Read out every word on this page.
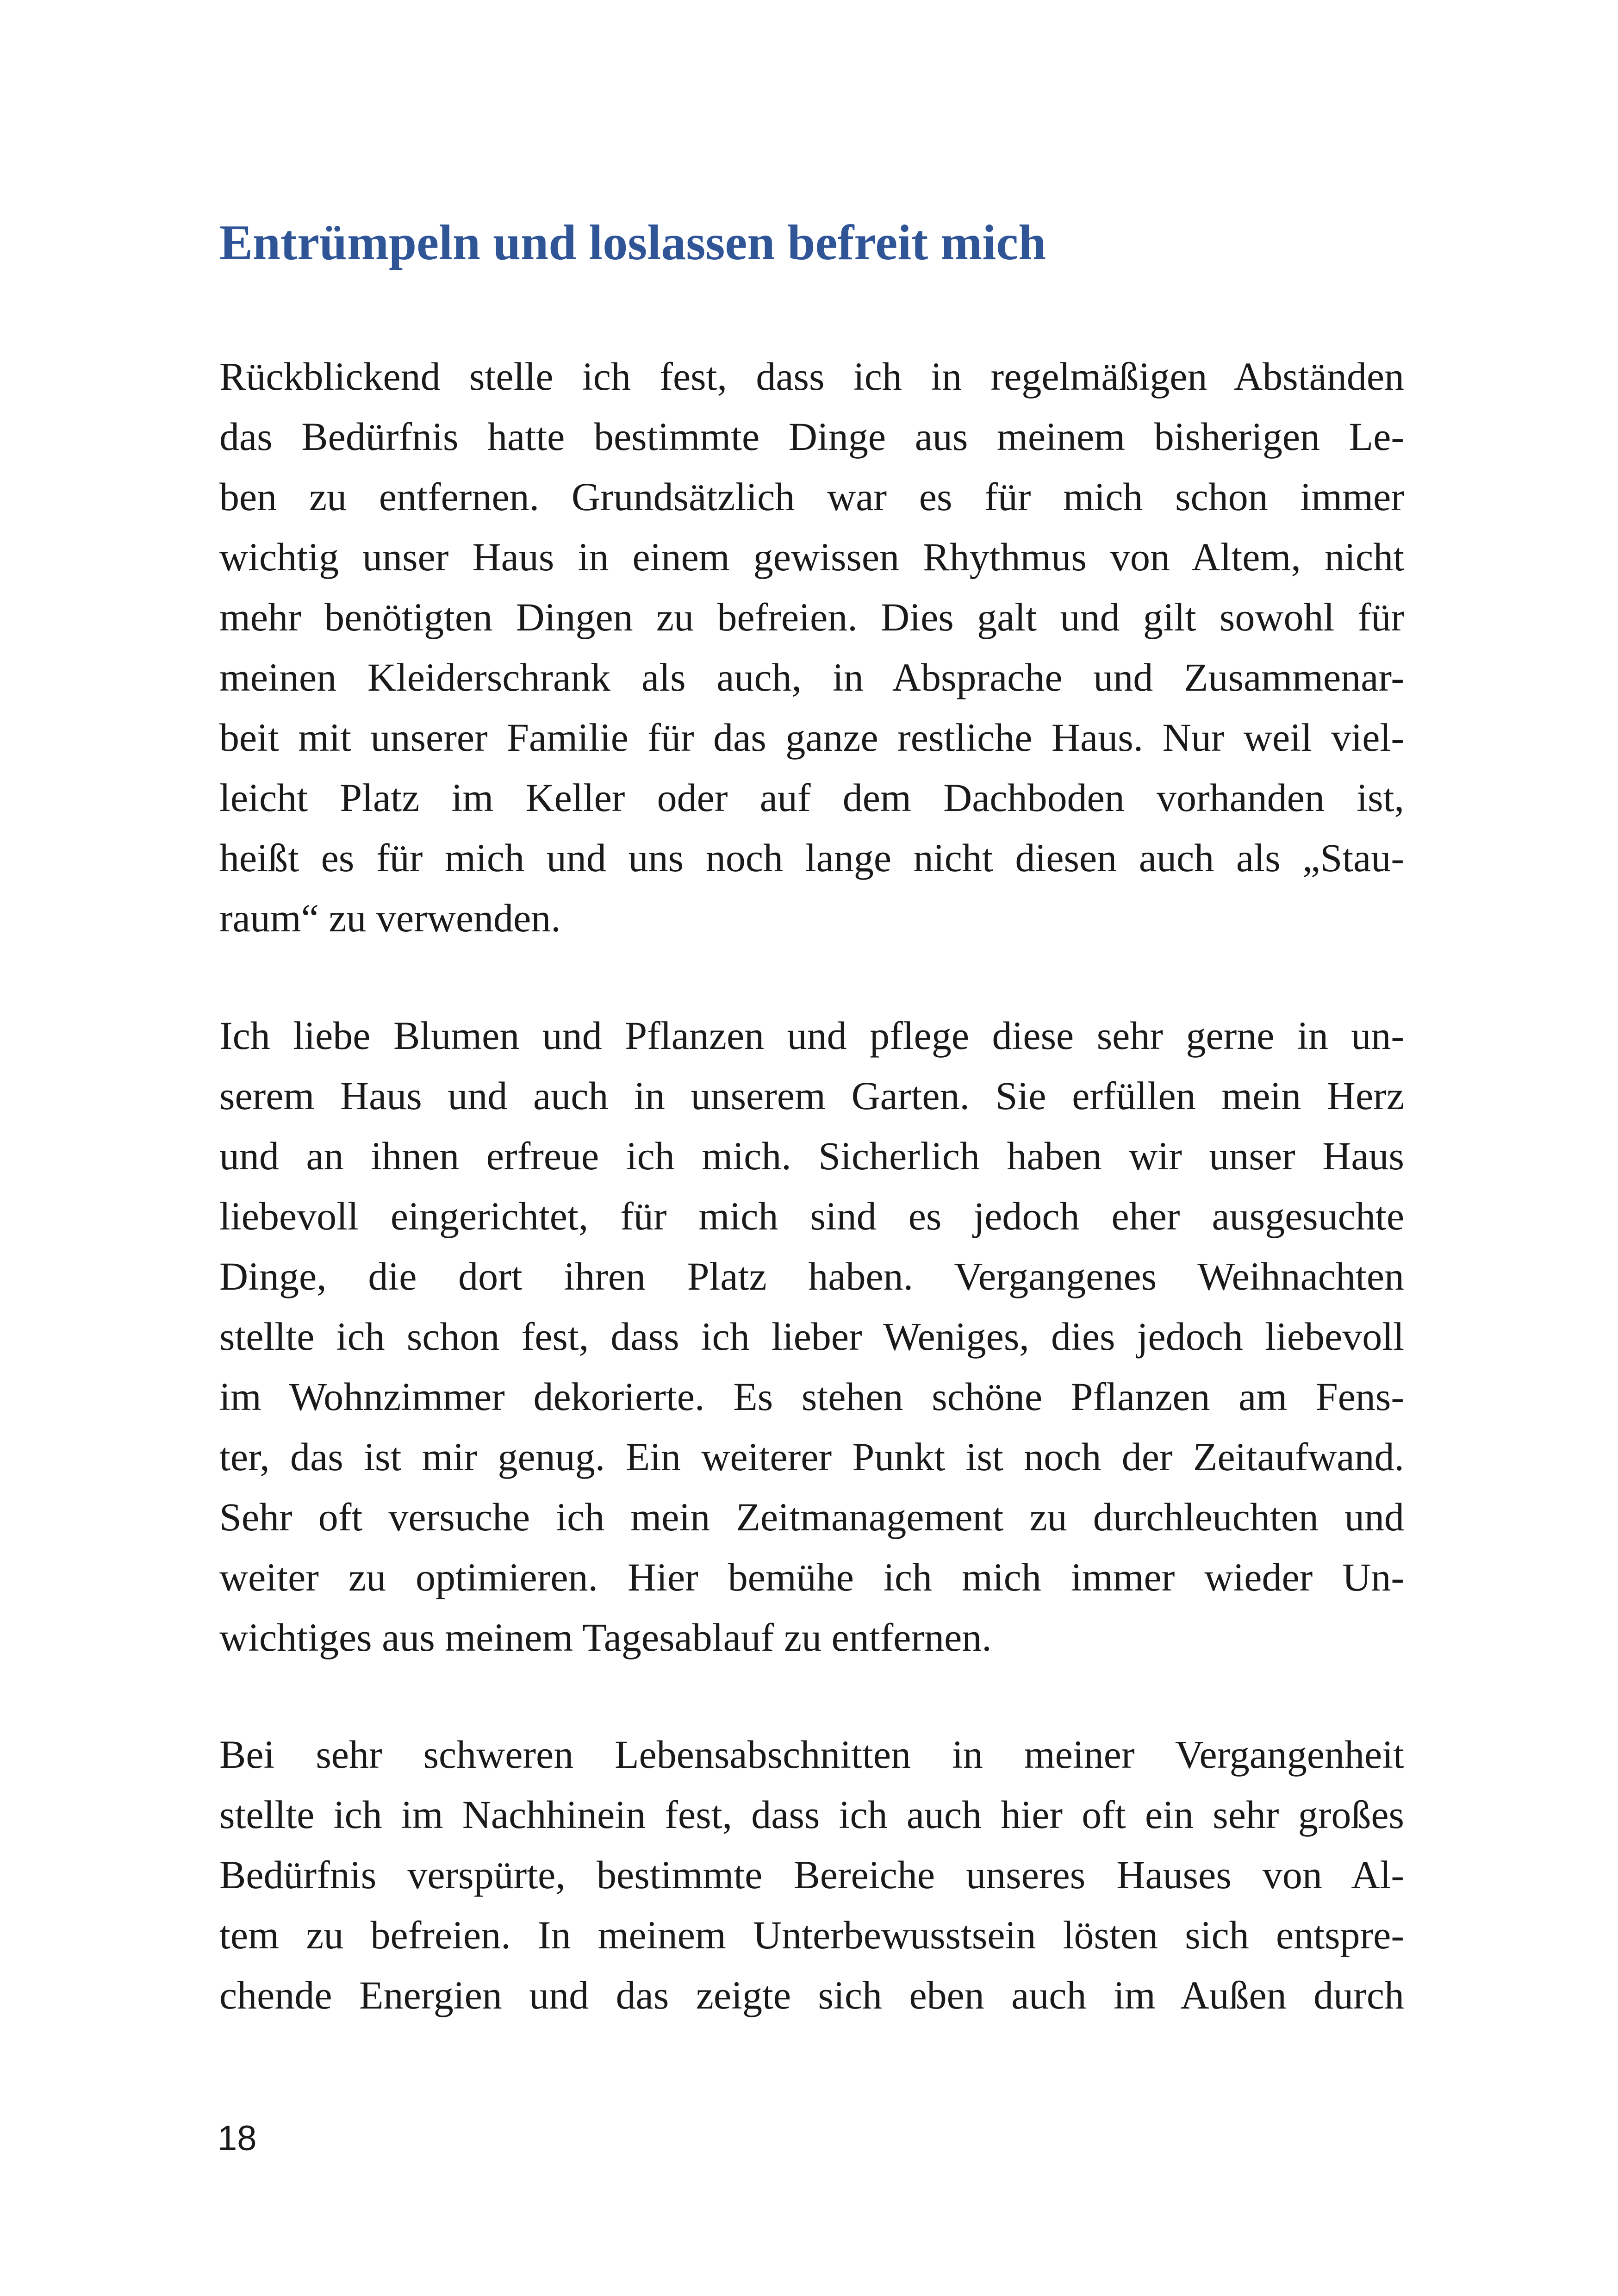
Entrümpeln und loslassen befreit mich
Rückblickend stelle ich fest, dass ich in regelmäßigen Abständen
das Bedürfnis hatte bestimmte Dinge aus meinem bisherigen Le-
ben zu entfernen. Grundsätzlich war es für mich schon immer
wichtig unser Haus in einem gewissen Rhythmus von Altem, nicht
mehr benötigten Dingen zu befreien. Dies galt und gilt sowohl für
meinen Kleiderschrank als auch, in Absprache und Zusammenar-
beit mit unserer Familie für das ganze restliche Haus. Nur weil viel-
leicht Platz im Keller oder auf dem Dachboden vorhanden ist,
heißt es für mich und uns noch lange nicht diesen auch als „Stau-
raum“ zu verwenden.
Ich liebe Blumen und Pflanzen und pflege diese sehr gerne in un-
serem Haus und auch in unserem Garten. Sie erfüllen mein Herz
und an ihnen erfreue ich mich. Sicherlich haben wir unser Haus
liebevoll eingerichtet, für mich sind es jedoch eher ausgesuchte
Dinge, die dort ihren Platz haben. Vergangenes Weihnachten
stellte ich schon fest, dass ich lieber Weniges, dies jedoch liebevoll
im Wohnzimmer dekorierte. Es stehen schöne Pflanzen am Fens-
ter, das ist mir genug. Ein weiterer Punkt ist noch der Zeitaufwand.
Sehr oft versuche ich mein Zeitmanagement zu durchleuchten und
weiter zu optimieren. Hier bemühe ich mich immer wieder Un-
wichtiges aus meinem Tagesablauf zu entfernen.
Bei sehr schweren Lebensabschnitten in meiner Vergangenheit
stellte ich im Nachhinein fest, dass ich auch hier oft ein sehr großes
Bedürfnis verspürte, bestimmte Bereiche unseres Hauses von Al-
tem zu befreien. In meinem Unterbewusstsein lösten sich entspre-
chende Energien und das zeigte sich eben auch im Außen durch
18
